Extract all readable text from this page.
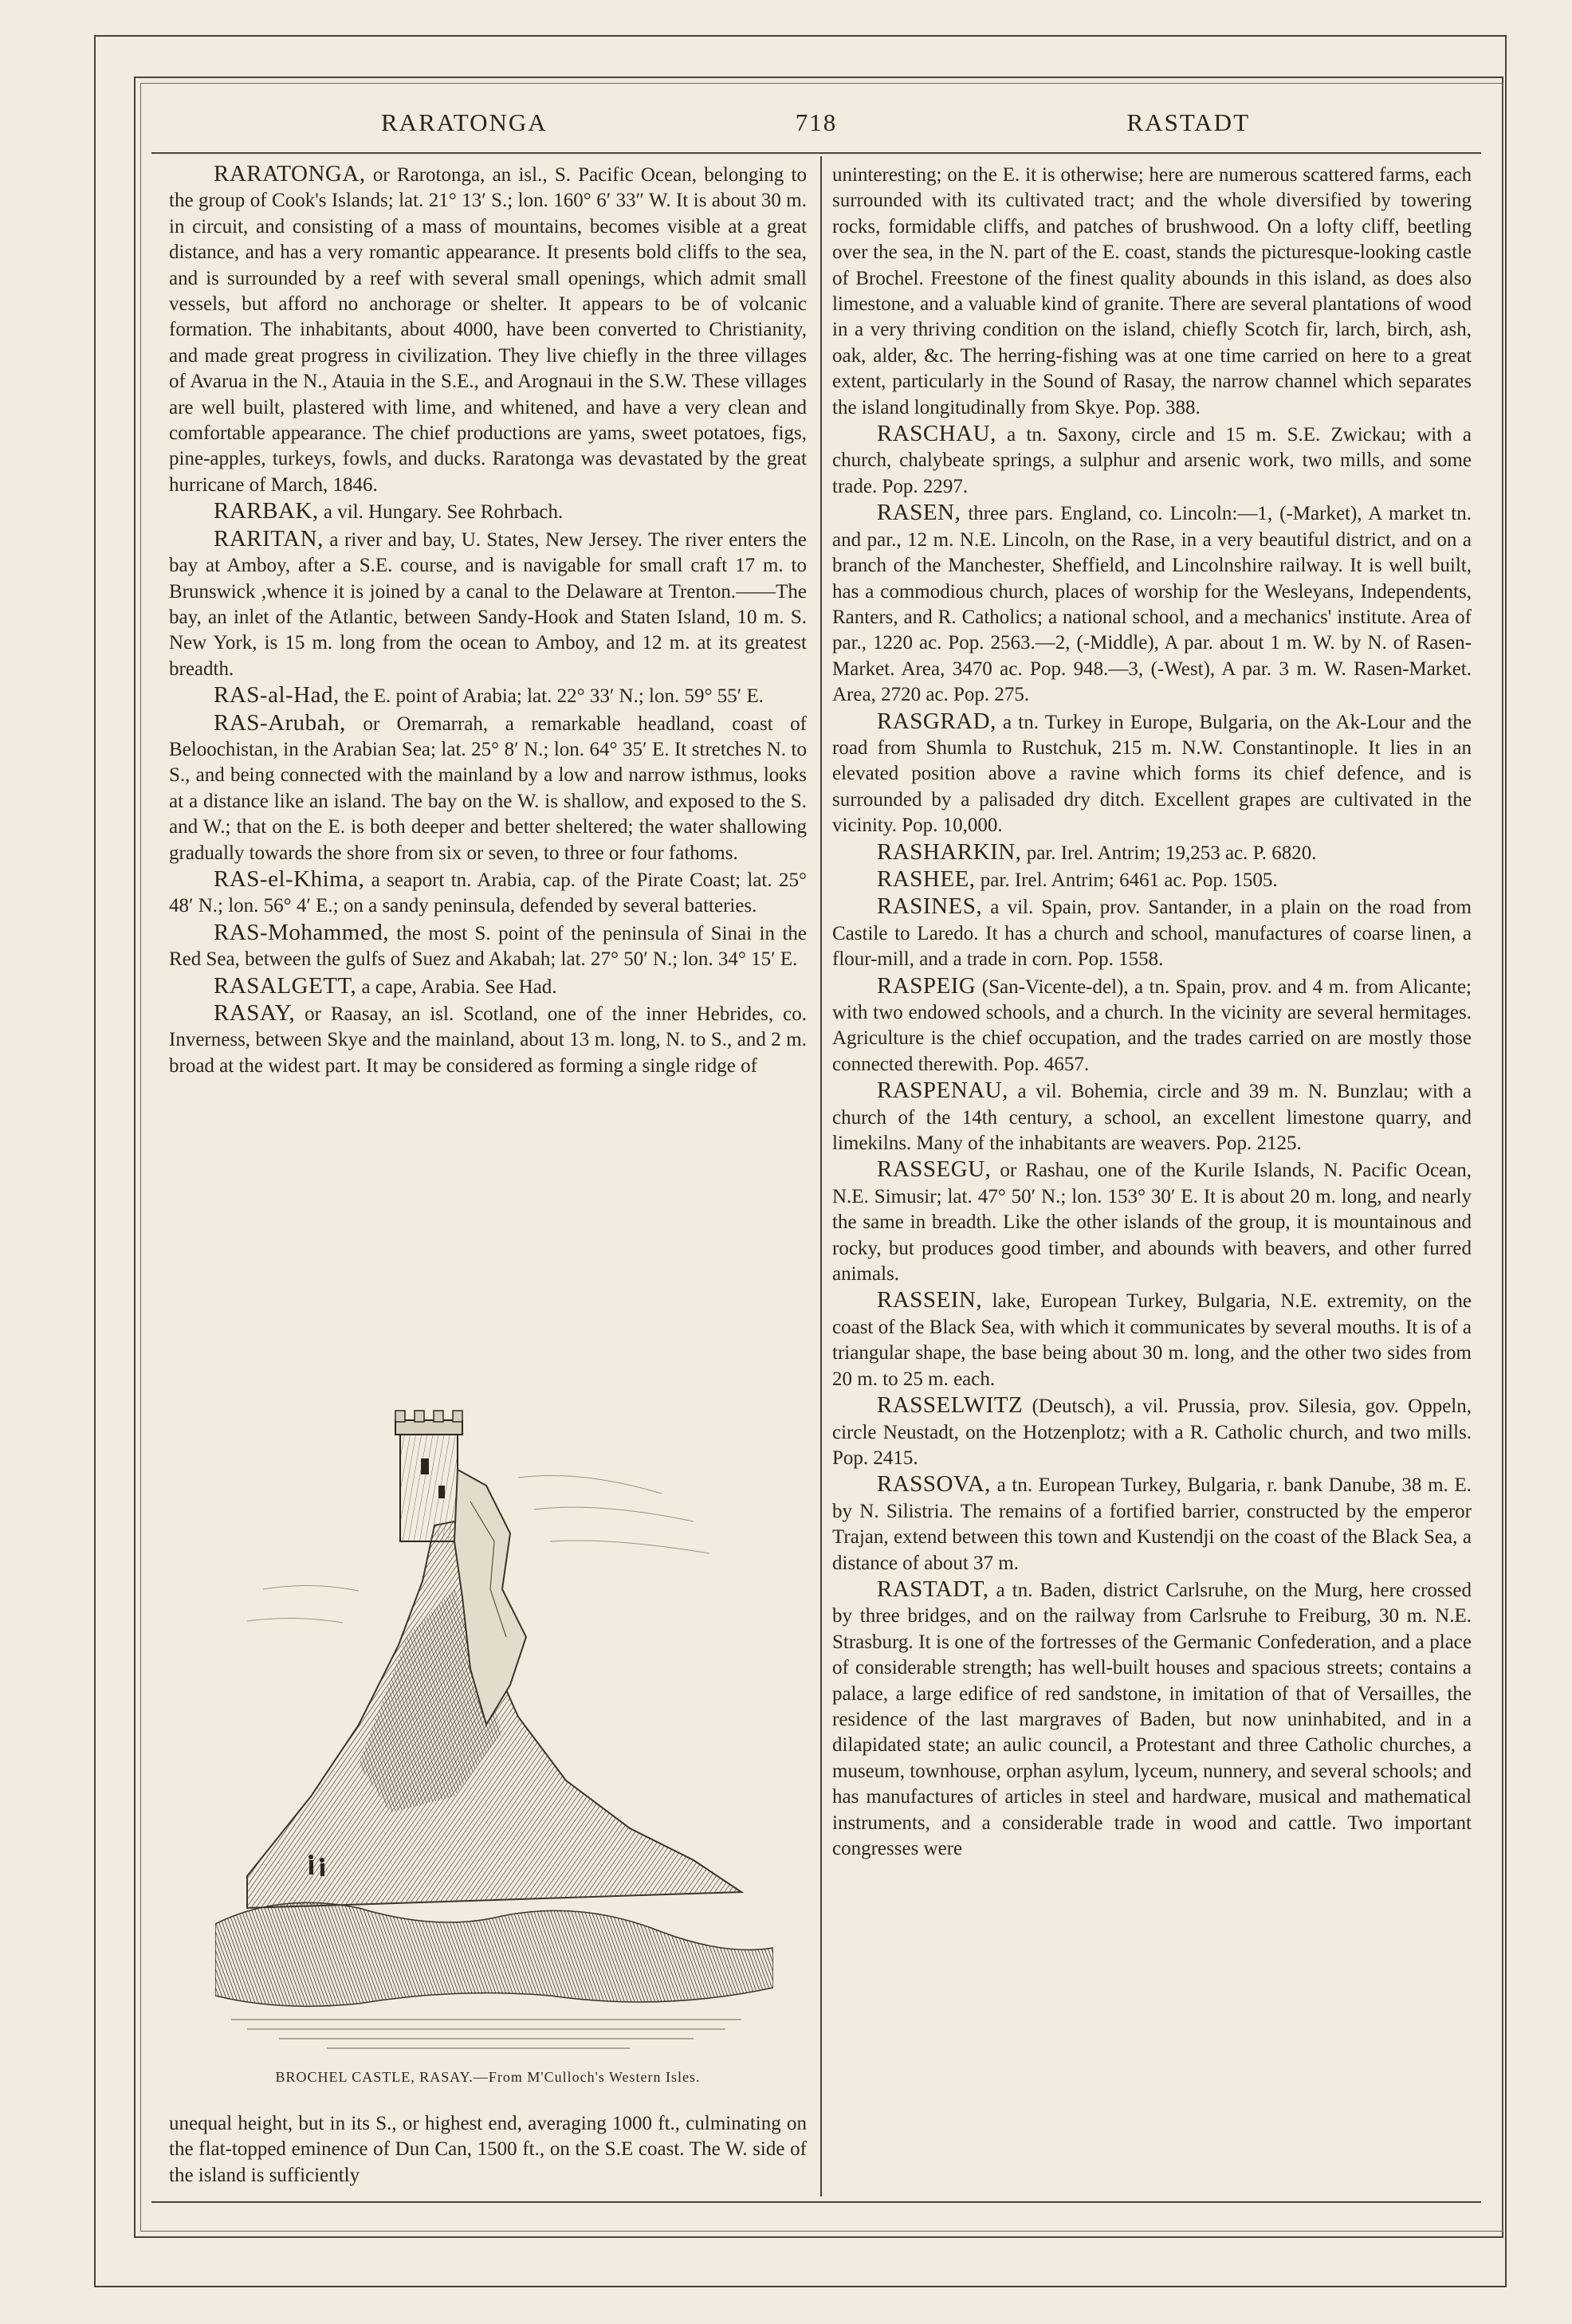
RARATONGA	718	RASTADT

RARATONGA, or Rarotonga, an isl., S. Pacific Ocean, belonging to the group of Cook's Islands; lat. 21° 13′ S.; lon. 160° 6′ 33″ W. It is about 30 m. in circuit, and consisting of a mass of mountains, becomes visible at a great distance, and has a very romantic appearance. It presents bold cliffs to the sea, and is surrounded by a reef with several small openings, which admit small vessels, but afford no anchorage or shelter. It appears to be of volcanic formation. The inhabitants, about 4000, have been converted to Christianity, and made great progress in civilization. They live chiefly in the three villages of Avarua in the N., Atauia in the S.E., and Arognaui in the S.W. These villages are well built, plastered with lime, and whitened, and have a very clean and comfortable appearance. The chief productions are yams, sweet potatoes, figs, pine-apples, turkeys, fowls, and ducks. Raratonga was devastated by the great hurricane of March, 1846.

RARBAK, a vil. Hungary. See Rohrbach.

RARITAN, a river and bay, U. States, New Jersey. The river enters the bay at Amboy, after a S.E. course, and is navigable for small craft 17 m. to Brunswick ,whence it is joined by a canal to the Delaware at Trenton.——The bay, an inlet of the Atlantic, between Sandy-Hook and Staten Island, 10 m. S. New York, is 15 m. long from the ocean to Amboy, and 12 m. at its greatest breadth.

RAS-al-Had, the E. point of Arabia; lat. 22° 33′ N.; lon. 59° 55′ E.

RAS-Arubah, or Oremarrah, a remarkable headland, coast of Beloochistan, in the Arabian Sea; lat. 25° 8′ N.; lon. 64° 35′ E. It stretches N. to S., and being connected with the mainland by a low and narrow isthmus, looks at a distance like an island. The bay on the W. is shallow, and exposed to the S. and W.; that on the E. is both deeper and better sheltered; the water shallowing gradually towards the shore from six or seven, to three or four fathoms.

RAS-el-Khima, a seaport tn. Arabia, cap. of the Pirate Coast; lat. 25° 48′ N.; lon. 56° 4′ E.; on a sandy peninsula, defended by several batteries.

RAS-Mohammed, the most S. point of the peninsula of Sinai in the Red Sea, between the gulfs of Suez and Akabah; lat. 27° 50′ N.; lon. 34° 15′ E.

RASALGETT, a cape, Arabia. See Had.

RASAY, or Raasay, an isl. Scotland, one of the inner Hebrides, co. Inverness, between Skye and the mainland, about 13 m. long, N. to S., and 2 m. broad at the widest part. It may be considered as forming a single ridge of

BROCHEL CASTLE, RASAY.—From M'Culloch's Western Isles.

unequal height, but in its S., or highest end, averaging 1000 ft., culminating on the flat-topped eminence of Dun Can, 1500 ft., on the S.E coast. The W. side of the island is sufficiently

uninteresting; on the E. it is otherwise; here are numerous scattered farms, each surrounded with its cultivated tract; and the whole diversified by towering rocks, formidable cliffs, and patches of brushwood. On a lofty cliff, beetling over the sea, in the N. part of the E. coast, stands the picturesque-looking castle of Brochel. Freestone of the finest quality abounds in this island, as does also limestone, and a valuable kind of granite. There are several plantations of wood in a very thriving condition on the island, chiefly Scotch fir, larch, birch, ash, oak, alder, &c. The herring-fishing was at one time carried on here to a great extent, particularly in the Sound of Rasay, the narrow channel which separates the island longitudinally from Skye. Pop. 388.

RASCHAU, a tn. Saxony, circle and 15 m. S.E. Zwickau; with a church, chalybeate springs, a sulphur and arsenic work, two mills, and some trade. Pop. 2297.

RASEN, three pars. England, co. Lincoln:—1, (-Market), A market tn. and par., 12 m. N.E. Lincoln, on the Rase, in a very beautiful district, and on a branch of the Manchester, Sheffield, and Lincolnshire railway. It is well built, has a commodious church, places of worship for the Wesleyans, Independents, Ranters, and R. Catholics; a national school, and a mechanics' institute. Area of par., 1220 ac. Pop. 2563.—2, (-Middle), A par. about 1 m. W. by N. of Rasen-Market. Area, 3470 ac. Pop. 948.—3, (-West), A par. 3 m. W. Rasen-Market. Area, 2720 ac. Pop. 275.

RASGRAD, a tn. Turkey in Europe, Bulgaria, on the Ak-Lour and the road from Shumla to Rustchuk, 215 m. N.W. Constantinople. It lies in an elevated position above a ravine which forms its chief defence, and is surrounded by a palisaded dry ditch. Excellent grapes are cultivated in the vicinity. Pop. 10,000.

RASHARKIN, par. Irel. Antrim; 19,253 ac. P. 6820.

RASHEE, par. Irel. Antrim; 6461 ac. Pop. 1505.

RASINES, a vil. Spain, prov. Santander, in a plain on the road from Castile to Laredo. It has a church and school, manufactures of coarse linen, a flour-mill, and a trade in corn. Pop. 1558.

RASPEIG (San-Vicente-del), a tn. Spain, prov. and 4 m. from Alicante; with two endowed schools, and a church. In the vicinity are several hermitages. Agriculture is the chief occupation, and the trades carried on are mostly those connected therewith. Pop. 4657.

RASPENAU, a vil. Bohemia, circle and 39 m. N. Bunzlau; with a church of the 14th century, a school, an excellent limestone quarry, and limekilns. Many of the inhabitants are weavers. Pop. 2125.

RASSEGU, or Rashau, one of the Kurile Islands, N. Pacific Ocean, N.E. Simusir; lat. 47° 50′ N.; lon. 153° 30′ E. It is about 20 m. long, and nearly the same in breadth. Like the other islands of the group, it is mountainous and rocky, but produces good timber, and abounds with beavers, and other furred animals.

RASSEIN, lake, European Turkey, Bulgaria, N.E. extremity, on the coast of the Black Sea, with which it communicates by several mouths. It is of a triangular shape, the base being about 30 m. long, and the other two sides from 20 m. to 25 m. each.

RASSELWITZ (Deutsch), a vil. Prussia, prov. Silesia, gov. Oppeln, circle Neustadt, on the Hotzenplotz; with a R. Catholic church, and two mills. Pop. 2415.

RASSOVA, a tn. European Turkey, Bulgaria, r. bank Danube, 38 m. E. by N. Silistria. The remains of a fortified barrier, constructed by the emperor Trajan, extend between this town and Kustendji on the coast of the Black Sea, a distance of about 37 m.

RASTADT, a tn. Baden, district Carlsruhe, on the Murg, here crossed by three bridges, and on the railway from Carlsruhe to Freiburg, 30 m. N.E. Strasburg. It is one of the fortresses of the Germanic Confederation, and a place of considerable strength; has well-built houses and spacious streets; contains a palace, a large edifice of red sandstone, in imitation of that of Versailles, the residence of the last margraves of Baden, but now uninhabited, and in a dilapidated state; an aulic council, a Protestant and three Catholic churches, a museum, townhouse, orphan asylum, lyceum, nunnery, and several schools; and has manufactures of articles in steel and hardware, musical and mathematical instruments, and a considerable trade in wood and cattle. Two important congresses were
